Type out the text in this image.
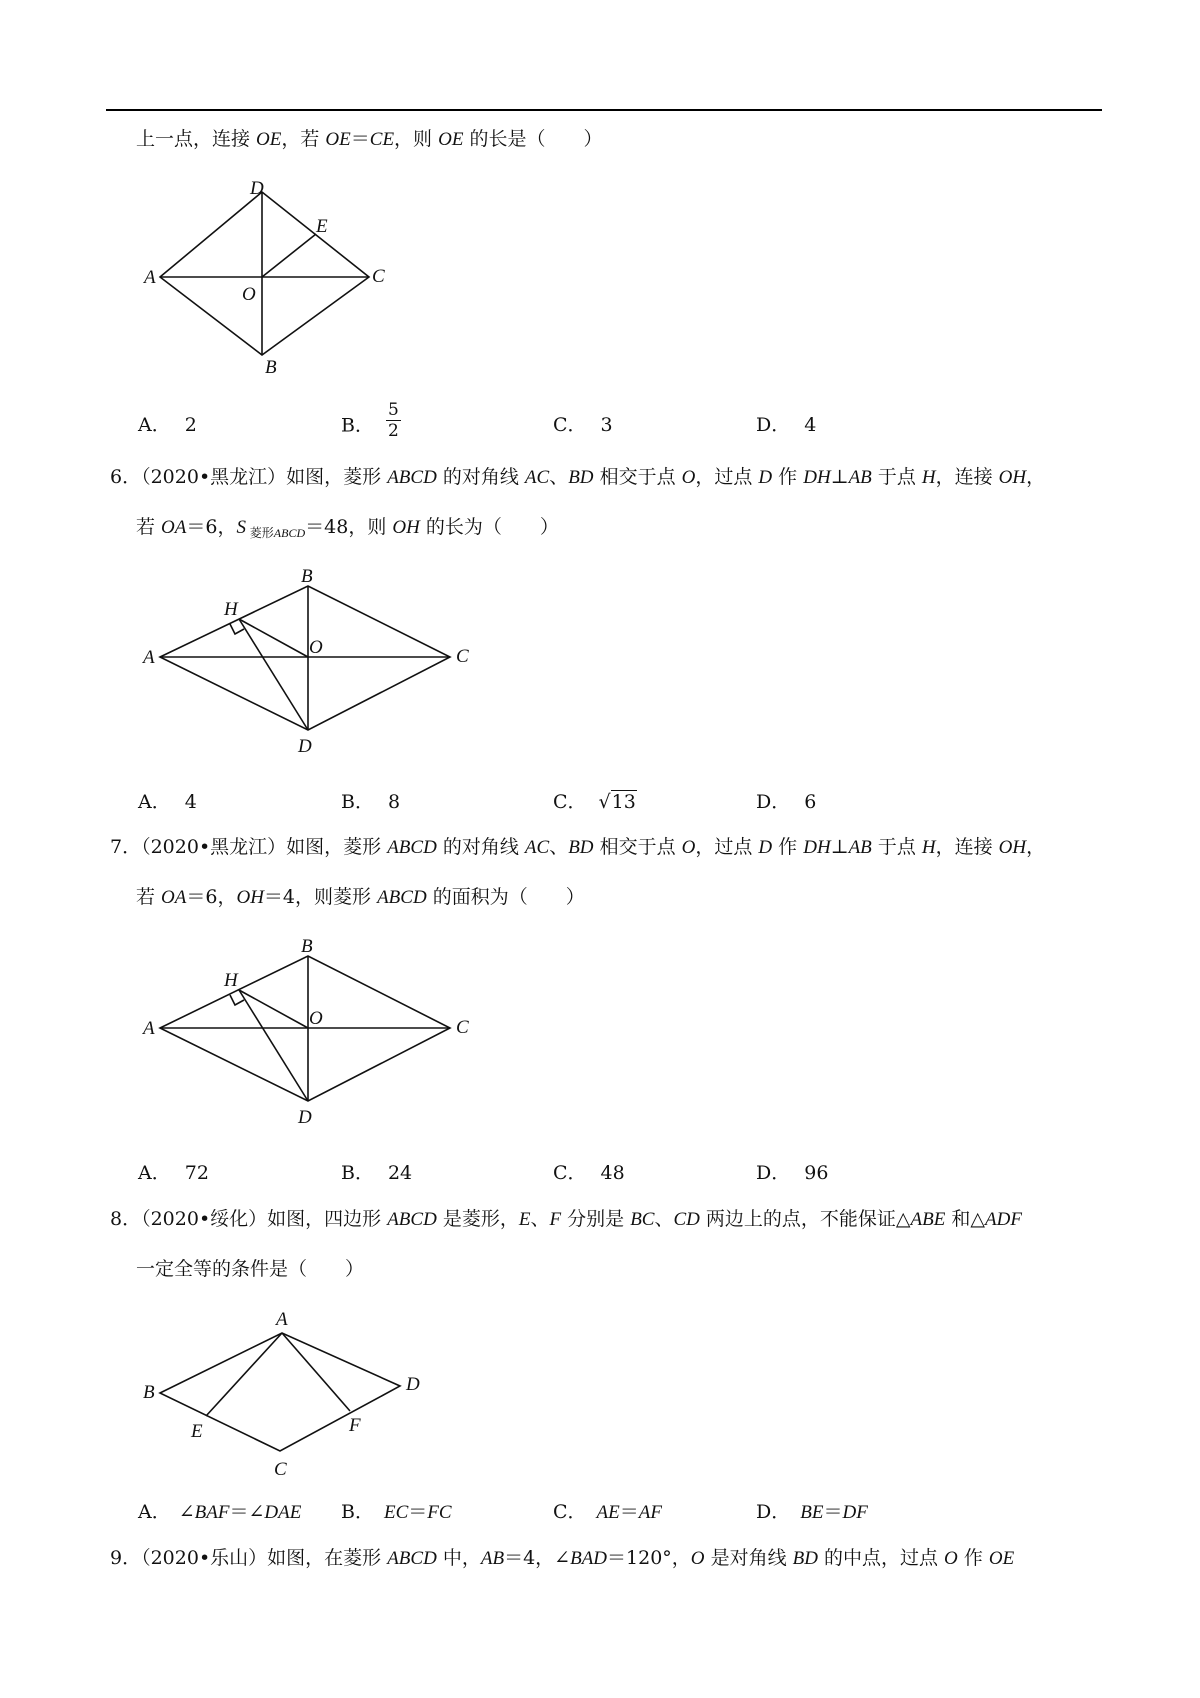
上一点，连接 OE，若 OE＝CE，则 OE 的长是（　　）
A
D
C
B
E
O
A． 2	B． $\frac{5}{2}$	C． 3	D． 4
6．（2020•黑龙江）如图，菱形 ABCD 的对角线 AC、BD 相交于点 O，过点 D 作 DH⊥AB 于点 H，连接 OH，
若 OA＝6，S $_{菱形ABCD}$＝48，则 OH 的长为（　　）
A
B
C
D
H
O
A． 4	B． 8	C． √13	D． 6
7．（2020•黑龙江）如图，菱形 ABCD 的对角线 AC、BD 相交于点 O，过点 D 作 DH⊥AB 于点 H，连接 OH，
若 OA＝6，OH＝4，则菱形 ABCD 的面积为（　　）
A
B
C
D
H
O
A． 72	B． 24	C． 48	D． 96
8．（2020•绥化）如图，四边形 ABCD 是菱形，E、F 分别是 BC、CD 两边上的点，不能保证△ABE 和△ADF
一定全等的条件是（　　）
A
B	D
E	F
C
A． ∠BAF＝∠DAE B． EC＝FC	C． AE＝AF	D． BE＝DF
9．（2020•乐山）如图，在菱形 ABCD 中，AB＝4，∠BAD＝120°，O 是对角线 BD 的中点，过点 O 作 OE
